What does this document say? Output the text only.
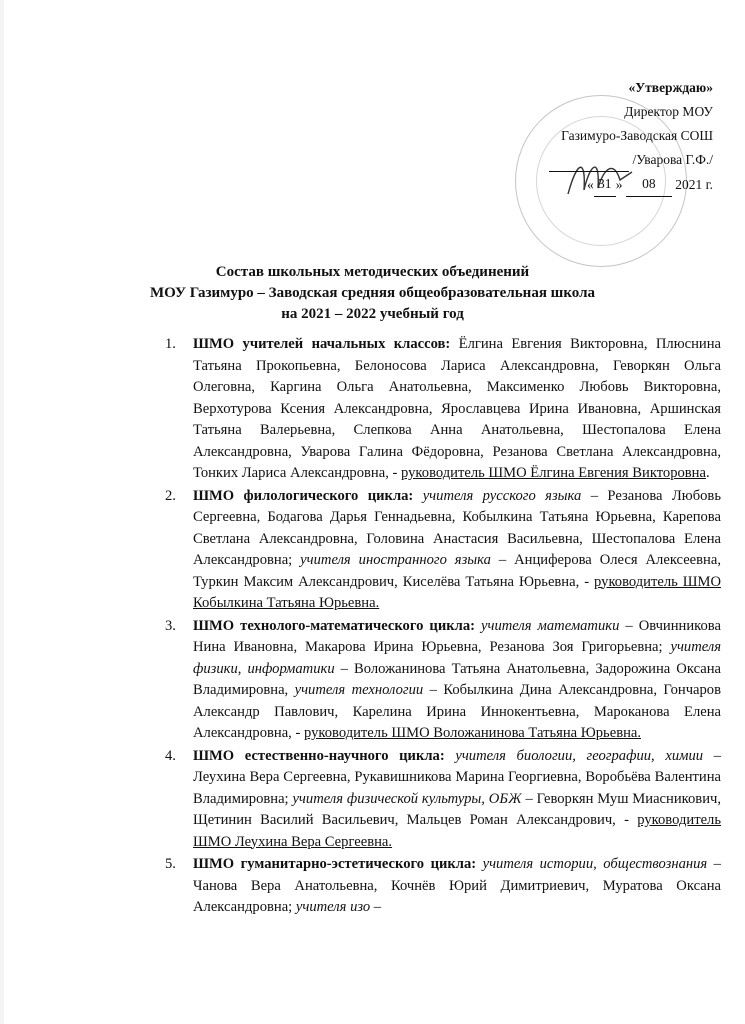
«Утверждаю»
Директор МОУ
Газимуро-Заводская СОШ
/Уварова Г.Ф./
« 31 » 08 2021 г.
Состав школьных методических объединений
МОУ Газимуро – Заводская средняя общеобразовательная школа
на 2021 – 2022 учебный год
1. ШМО учителей начальных классов: Ёлгина Евгения Викторовна, Плюснина Татьяна Прокопьевна, Белоносова Лариса Александровна, Геворкян Ольга Олеговна, Каргина Ольга Анатольевна, Максименко Любовь Викторовна, Верхотурова Ксения Александровна, Ярославцева Ирина Ивановна, Аршинская Татьяна Валерьевна, Слепкова Анна Анатольевна, Шестопалова Елена Александровна, Уварова Галина Фёдоровна, Резанова Светлана Александровна, Тонких Лариса Александровна, - руководитель ШМО Ёлгина Евгения Викторовна.
2. ШМО филологического цикла: учителя русского языка – Резанова Любовь Сергеевна, Бодагова Дарья Геннадьевна, Кобылкина Татьяна Юрьевна, Карепова Светлана Александровна, Головина Анастасия Васильевна, Шестопалова Елена Александровна; учителя иностранного языка – Анциферова Олеся Алексеевна, Туркин Максим Александрович, Киселёва Татьяна Юрьевна, - руководитель ШМО Кобылкина Татьяна Юрьевна.
3. ШМО технолого-математического цикла: учителя математики – Овчинникова Нина Ивановна, Макарова Ирина Юрьевна, Резанова Зоя Григорьевна; учителя физики, информатики – Воложанинова Татьяна Анатольевна, Задорожина Оксана Владимировна, учителя технологии – Кобылкина Дина Александровна, Гончаров Александр Павлович, Карелина Ирина Иннокентьевна, Мароканова Елена Александровна, - руководитель ШМО Воложанинова Татьяна Юрьевна.
4. ШМО естественно-научного цикла: учителя биологии, географии, химии – Леухина Вера Сергеевна, Рукавишникова Марина Георгиевна, Воробьёва Валентина Владимировна; учителя физической культуры, ОБЖ – Геворкян Муш Миасникович, Щетинин Василий Васильевич, Мальцев Роман Александрович, - руководитель ШМО Леухина Вера Сергеевна.
5. ШМО гуманитарно-эстетического цикла: учителя истории, обществознания – Чанова Вера Анатольевна, Кочнёв Юрий Димитриевич, Муратова Оксана Александровна; учителя изо –
